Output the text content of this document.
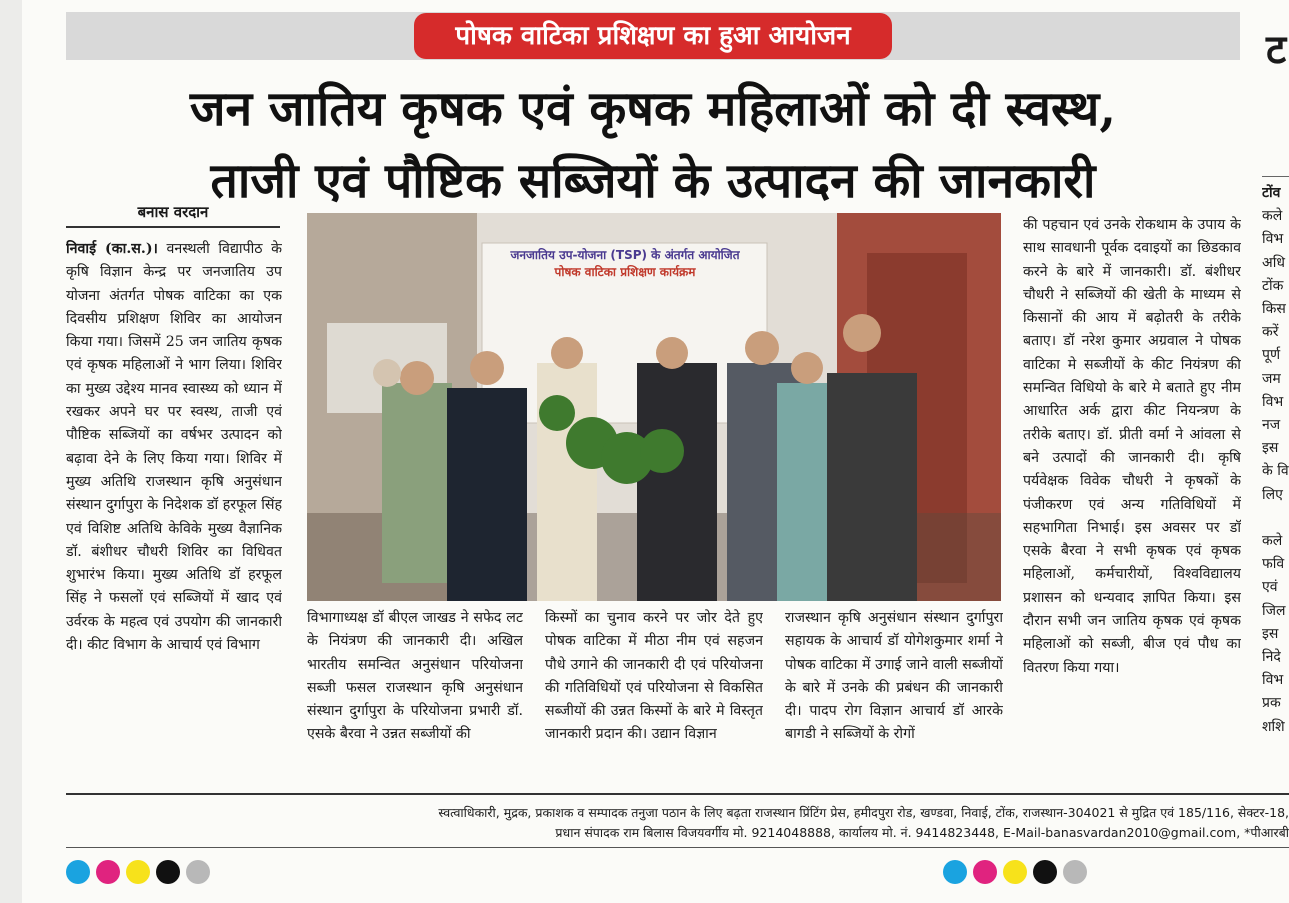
पोषक वाटिका प्रशिक्षण का हुआ आयोजन
जन जातिय कृषक एवं कृषक महिलाओं को दी स्वस्थ,
ताजी एवं पौष्टिक सब्जियों के उत्पादन की जानकारी
बनास वरदान

निवाई (का.स.)। वनस्थली विद्यापीठ के कृषि विज्ञान केन्द्र पर जनजातिय उप योजना अंतर्गत पोषक वाटिका का एक दिवसीय प्रशिक्षण शिविर का आयोजन किया गया। जिसमें 25 जन जातिय कृषक एवं कृषक महिलाओं ने भाग लिया। शिविर का मुख्य उद्देश्य मानव स्वास्थ्य को ध्यान में रखकर अपने घर पर स्वस्थ, ताजी एवं पौष्टिक सब्जियों का वर्षभर उत्पादन को बढ़ावा देने के लिए किया गया। शिविर में मुख्य अतिथि राजस्थान कृषि अनुसंधान संस्थान दुर्गापुरा के निदेशक डॉ हरफूल सिंह एवं विशिष्ट अतिथि केविके मुख्य वैज्ञानिक डॉ. बंशीधर चौधरी शिविर का विधिवत शुभारंभ किया। मुख्य अतिथि डॉ हरफूल सिंह ने फसलों एवं सब्जियों में खाद एवं उर्वरक के महत्व एवं उपयोग की जानकारी दी। कीट विभाग के आचार्य एवं विभाग

जनजातिय उप-योजना (TSP) के अंतर्गत आयोजित
पोषक वाटिका प्रशिक्षण कार्यक्रम

विभागाध्यक्ष डॉ बीएल जाखड ने सफेद लट के नियंत्रण की जानकारी दी। अखिल भारतीय समन्वित अनुसंधान परियोजना सब्जी फसल राजस्थान कृषि अनुसंधान संस्थान दुर्गापुरा के परियोजना प्रभारी डॉ. एसके बैरवा ने उन्नत सब्जीयों की

किस्मों का चुनाव करने पर जोर देते हुए पोषक वाटिका में मीठा नीम एवं सहजन पौधे उगाने की जानकारी दी एवं परियोजना की गतिविधियों एवं परियोजना से विकसित सब्जीयों की उन्नत किस्मों के बारे मे विस्तृत जानकारी प्रदान की। उद्यान विज्ञान

राजस्थान कृषि अनुसंधान संस्थान दुर्गापुरा सहायक के आचार्य डॉ योगेशकुमार शर्मा ने पोषक वाटिका में उगाई जाने वाली सब्जीयों के बारे में उनके की प्रबंधन की जानकारी दी। पादप रोग विज्ञान आचार्य डॉ आरके बागडी ने सब्जियों के रोगों

की पहचान एवं उनके रोकथाम के उपाय के साथ सावधानी पूर्वक दवाइयों का छिडकाव करने के बारे में जानकारी। डॉ. बंशीधर चौधरी ने सब्जियों की खेती के माध्यम से किसानों की आय में बढ़ोतरी के तरीके बताए। डॉ नरेश कुमार अग्रवाल ने पोषक वाटिका मे सब्जीयों के कीट नियंत्रण की समन्वित विधियो के बारे मे बताते हुए नीम आधारित अर्क द्वारा कीट नियन्त्रण के तरीके बताए। डॉ. प्रीती वर्मा ने आंवला से बने उत्पादों की जानकारी दी। कृषि पर्यवेक्षक विवेक चौधरी ने कृषकों के पंजीकरण एवं अन्य गतिविधियों में सहभागिता निभाई। इस अवसर पर डॉ एसके बैरवा ने सभी कृषक एवं कृषक महिलाओं, कर्मचारीयों, विश्वविद्यालय प्रशासन को धन्यवाद ज्ञापित किया। इस दौरान सभी जन जातिय कृषक एवं कृषक महिलाओं को सब्जी, बीज एवं पौध का वितरण किया गया।

ट
टोंव
कले
विभ
अधि
टोंक
किस
करें
पूर्ण
जम
विभ
नज
इस
के वि
लिए

कले
फवि
एवं
जिल
इस
निदे
विभ
प्रक
शशि
स्वत्वाधिकारी, मुद्रक, प्रकाशक व सम्पादक तनुजा पठान के लिए बढ़ता राजस्थान प्रिंटिंग प्रेस, हमीदपुरा रोड, खण्डवा, निवाई, टोंक, राजस्थान-304021 से मुद्रित एवं 185/116, सेक्टर-18,
प्रधान संपादक राम बिलास विजयवर्गीय मो. 9214048888, कार्यालय मो. नं. 9414823448, E-Mail-banasvardan2010@gmail.com, *पीआरबी
